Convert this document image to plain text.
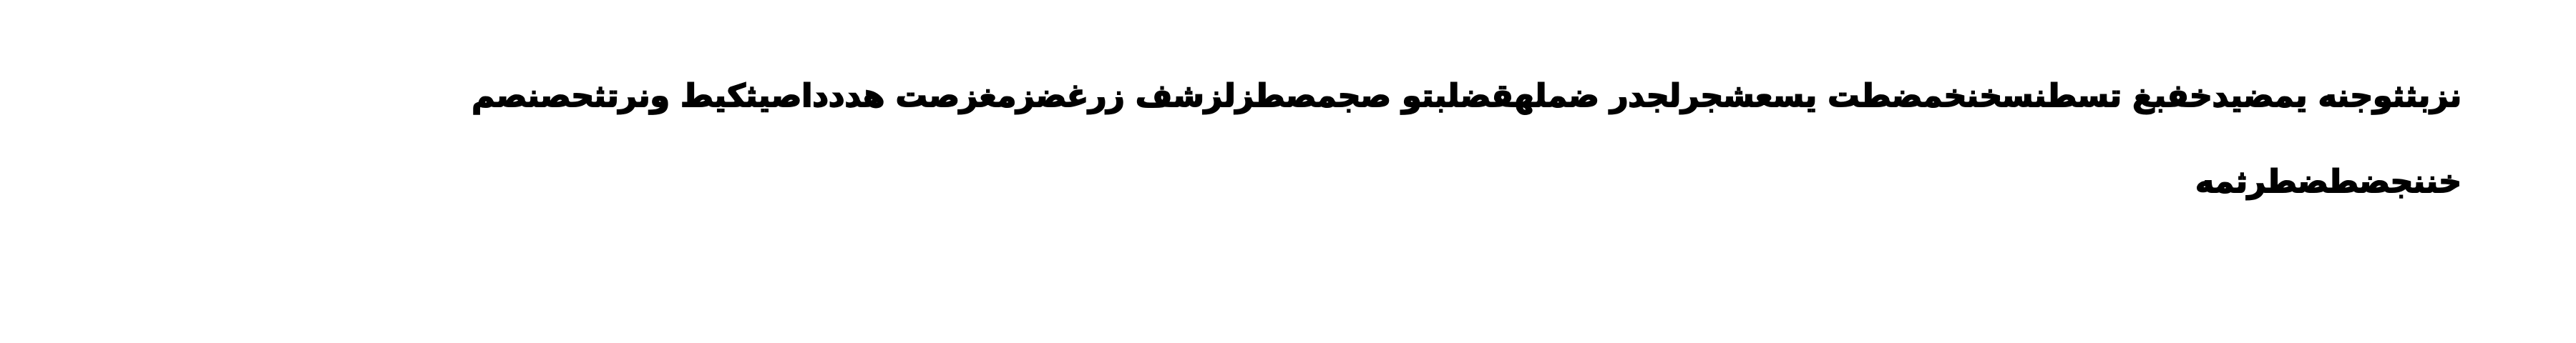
نزبثثوجنه يمضيدخفبغ تسطنسخنخمضطت يسعشجرلجدر ضملهقضلبتو صجمصطزلزشف زرغضزمغزصت هددداصيثكيط ونرتثحصنصم
خننجضطضطرثمه
